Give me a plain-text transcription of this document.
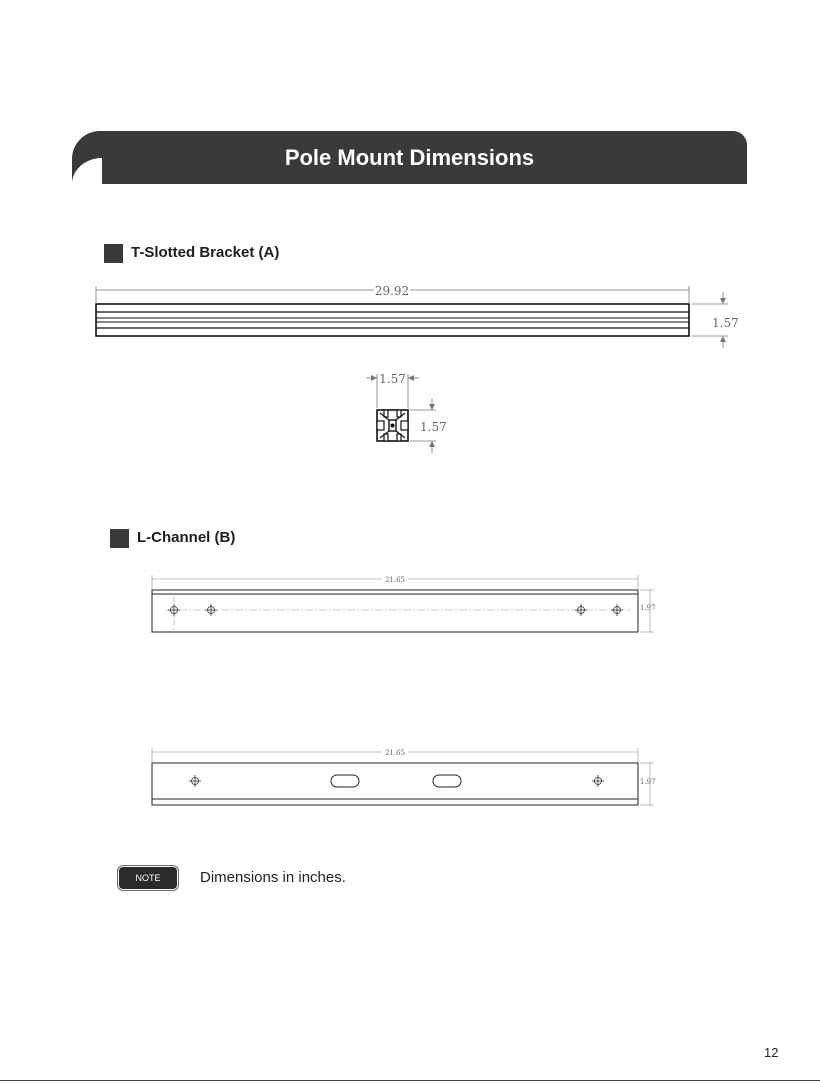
Pole Mount Dimensions
T-Slotted Bracket (A)
L-Channel (B)
29.92
1.57
1.57
1.57
21.65
1.97
21.65
1.97
NOTE	Dimensions in inches.
12
